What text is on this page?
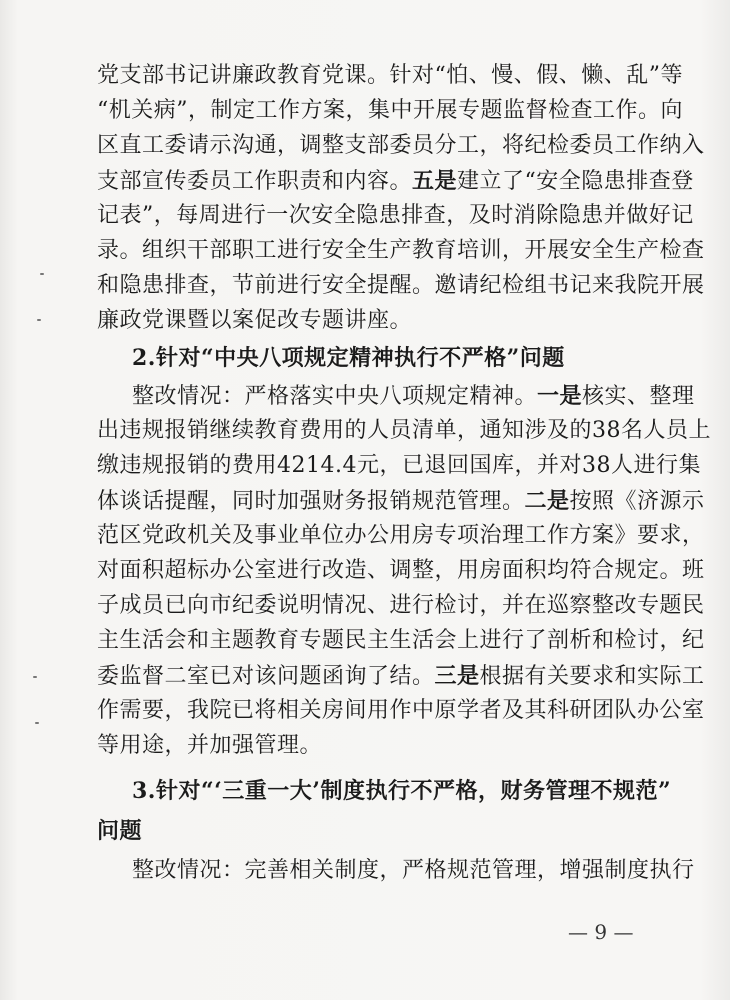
党支部书记讲廉政教育党课。针对“怕、慢、假、懒、乱”等
“机关病”，制定工作方案，集中开展专题监督检查工作。向
区直工委请示沟通，调整支部委员分工，将纪检委员工作纳入
支部宣传委员工作职责和内容。五是建立了“安全隐患排查登
记表”，每周进行一次安全隐患排查，及时消除隐患并做好记
录。组织干部职工进行安全生产教育培训，开展安全生产检查
和隐患排查，节前进行安全提醒。邀请纪检组书记来我院开展
廉政党课暨以案促改专题讲座。
2.针对“中央八项规定精神执行不严格”问题
整改情况：严格落实中央八项规定精神。一是核实、整理
出违规报销继续教育费用的人员清单，通知涉及的38名人员上
缴违规报销的费用4214.4元，已退回国库，并对38人进行集
体谈话提醒，同时加强财务报销规范管理。二是按照《济源示
范区党政机关及事业单位办公用房专项治理工作方案》要求，
对面积超标办公室进行改造、调整，用房面积均符合规定。班
子成员已向市纪委说明情况、进行检讨，并在巡察整改专题民
主生活会和主题教育专题民主生活会上进行了剖析和检讨，纪
委监督二室已对该问题函询了结。三是根据有关要求和实际工
作需要，我院已将相关房间用作中原学者及其科研团队办公室
等用途，并加强管理。
3.针对“‘三重一大’制度执行不严格，财务管理不规范”
问题
整改情况：完善相关制度，严格规范管理，增强制度执行
— 9 —
